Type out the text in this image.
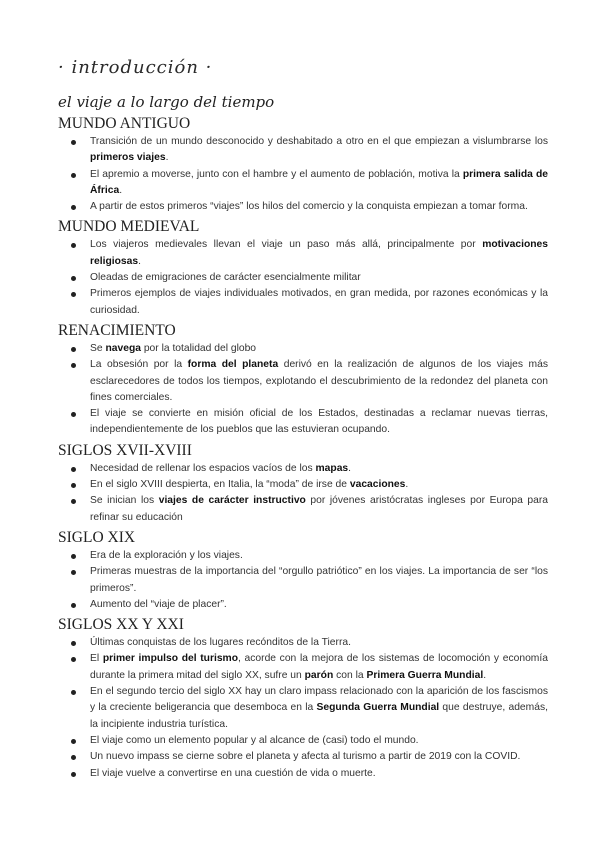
· introducción ·
el viaje a lo largo del tiempo
MUNDO ANTIGUO
Transición de un mundo desconocido y deshabitado a otro en el que empiezan a vislumbrarse los primeros viajes.
El apremio a moverse, junto con el hambre y el aumento de población, motiva la primera salida de África.
A partir de estos primeros “viajes” los hilos del comercio y la conquista empiezan a tomar forma.
MUNDO MEDIEVAL
Los viajeros medievales llevan el viaje un paso más allá, principalmente por motivaciones religiosas.
Oleadas de emigraciones de carácter esencialmente militar
Primeros ejemplos de viajes individuales motivados, en gran medida, por razones económicas y la curiosidad.
RENACIMIENTO
Se navega por la totalidad del globo
La obsesión por la forma del planeta derivó en la realización de algunos de los viajes más esclarecedores de todos los tiempos, explotando el descubrimiento de la redondez del planeta con fines comerciales.
El viaje se convierte en misión oficial de los Estados, destinadas a reclamar nuevas tierras, independientemente de los pueblos que las estuvieran ocupando.
SIGLOS XVII-XVIII
Necesidad de rellenar los espacios vacíos de los mapas.
En el siglo XVIII despierta, en Italia, la “moda” de irse de vacaciones.
Se inician los viajes de carácter instructivo por jóvenes aristócratas ingleses por Europa para refinar su educación
SIGLO XIX
Era de la exploración y los viajes.
Primeras muestras de la importancia del “orgullo patriótico” en los viajes. La importancia de ser “los primeros”.
Aumento del “viaje de placer”.
SIGLOS XX Y XXI
Últimas conquistas de los lugares recónditos de la Tierra.
El primer impulso del turismo, acorde con la mejora de los sistemas de locomoción y economía durante la primera mitad del siglo XX, sufre un parón con la Primera Guerra Mundial.
En el segundo tercio del siglo XX hay un claro impass relacionado con la aparición de los fascismos y la creciente beligerancia que desemboca en la Segunda Guerra Mundial que destruye, además, la incipiente industria turística.
El viaje como un elemento popular y al alcance de (casi) todo el mundo.
Un nuevo impass se cierne sobre el planeta y afecta al turismo a partir de 2019 con la COVID.
El viaje vuelve a convertirse en una cuestión de vida o muerte.
